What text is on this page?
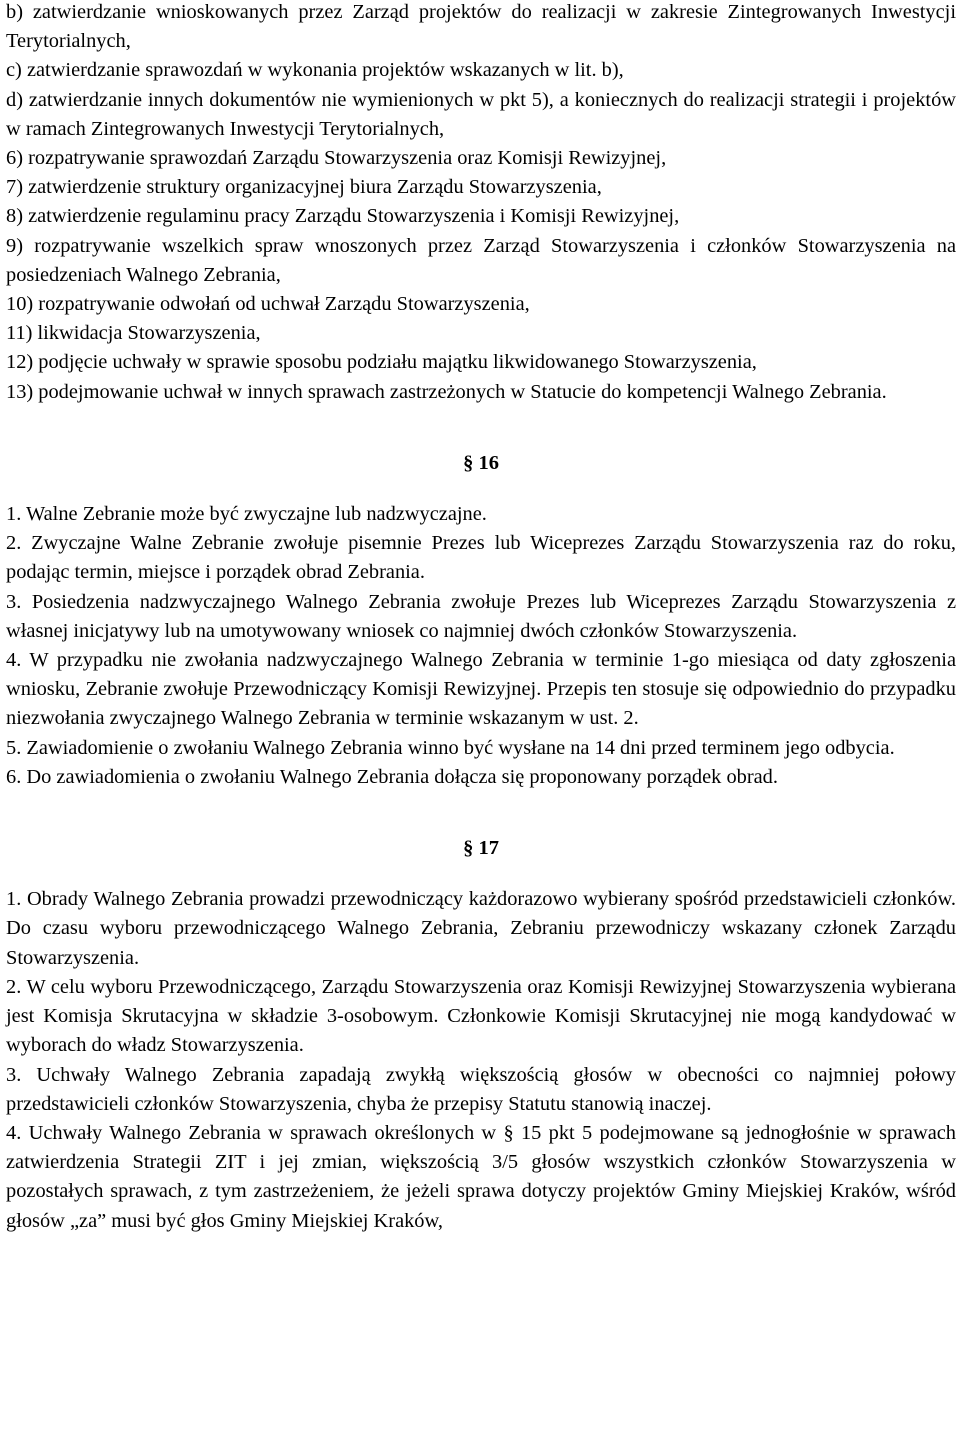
b) zatwierdzanie wnioskowanych przez Zarząd projektów do realizacji w zakresie Zintegrowanych Inwestycji Terytorialnych,

c) zatwierdzanie sprawozdań w wykonania projektów wskazanych w lit. b),

d) zatwierdzanie innych dokumentów nie wymienionych w pkt 5), a koniecznych do realizacji strategii i projektów w ramach Zintegrowanych Inwestycji Terytorialnych,

6) rozpatrywanie sprawozdań Zarządu Stowarzyszenia oraz Komisji Rewizyjnej,

7) zatwierdzenie struktury organizacyjnej biura Zarządu Stowarzyszenia,

8) zatwierdzenie regulaminu pracy Zarządu Stowarzyszenia i Komisji Rewizyjnej,

9) rozpatrywanie wszelkich spraw wnoszonych przez Zarząd Stowarzyszenia i członków Stowarzyszenia na posiedzeniach Walnego Zebrania,

10) rozpatrywanie odwołań od uchwał Zarządu Stowarzyszenia,

11) likwidacja Stowarzyszenia,

12) podjęcie uchwały w sprawie sposobu podziału majątku likwidowanego Stowarzyszenia,

13) podejmowanie uchwał w innych sprawach zastrzeżonych w Statucie do kompetencji Walnego Zebrania.

§ 16

1. Walne Zebranie może być zwyczajne lub nadzwyczajne.

2. Zwyczajne Walne Zebranie zwołuje pisemnie Prezes lub Wiceprezes Zarządu Stowarzyszenia raz do roku, podając termin, miejsce i porządek obrad Zebrania.

3. Posiedzenia nadzwyczajnego Walnego Zebrania zwołuje Prezes lub Wiceprezes Zarządu Stowarzyszenia z własnej inicjatywy lub na umotywowany wniosek co najmniej dwóch członków Stowarzyszenia.

4. W przypadku nie zwołania nadzwyczajnego Walnego Zebrania w terminie 1-go miesiąca od daty zgłoszenia wniosku, Zebranie zwołuje Przewodniczący Komisji Rewizyjnej. Przepis ten stosuje się odpowiednio do przypadku niezwołania zwyczajnego Walnego Zebrania w terminie wskazanym w ust. 2.

5. Zawiadomienie o zwołaniu Walnego Zebrania winno być wysłane na 14 dni przed terminem jego odbycia.

6. Do zawiadomienia o zwołaniu Walnego Zebrania dołącza się proponowany porządek obrad.

§ 17

1. Obrady Walnego Zebrania prowadzi przewodniczący każdorazowo wybierany spośród przedstawicieli członków. Do czasu wyboru przewodniczącego Walnego Zebrania, Zebraniu przewodniczy wskazany członek Zarządu Stowarzyszenia.

2. W celu wyboru Przewodniczącego, Zarządu Stowarzyszenia oraz Komisji Rewizyjnej Stowarzyszenia wybierana jest Komisja Skrutacyjna w składzie 3-osobowym. Członkowie Komisji Skrutacyjnej nie mogą kandydować w wyborach do władz Stowarzyszenia.

3. Uchwały Walnego Zebrania zapadają zwykłą większością głosów w obecności co najmniej połowy przedstawicieli członków Stowarzyszenia, chyba że przepisy Statutu stanowią inaczej.

4. Uchwały Walnego Zebrania w sprawach określonych w § 15 pkt 5 podejmowane są jednogłośnie w sprawach zatwierdzenia Strategii ZIT i jej zmian, większością 3/5 głosów wszystkich członków Stowarzyszenia w pozostałych sprawach, z tym zastrzeżeniem, że jeżeli sprawa dotyczy projektów Gminy Miejskiej Kraków, wśród głosów „za” musi być głos Gminy Miejskiej Kraków,
